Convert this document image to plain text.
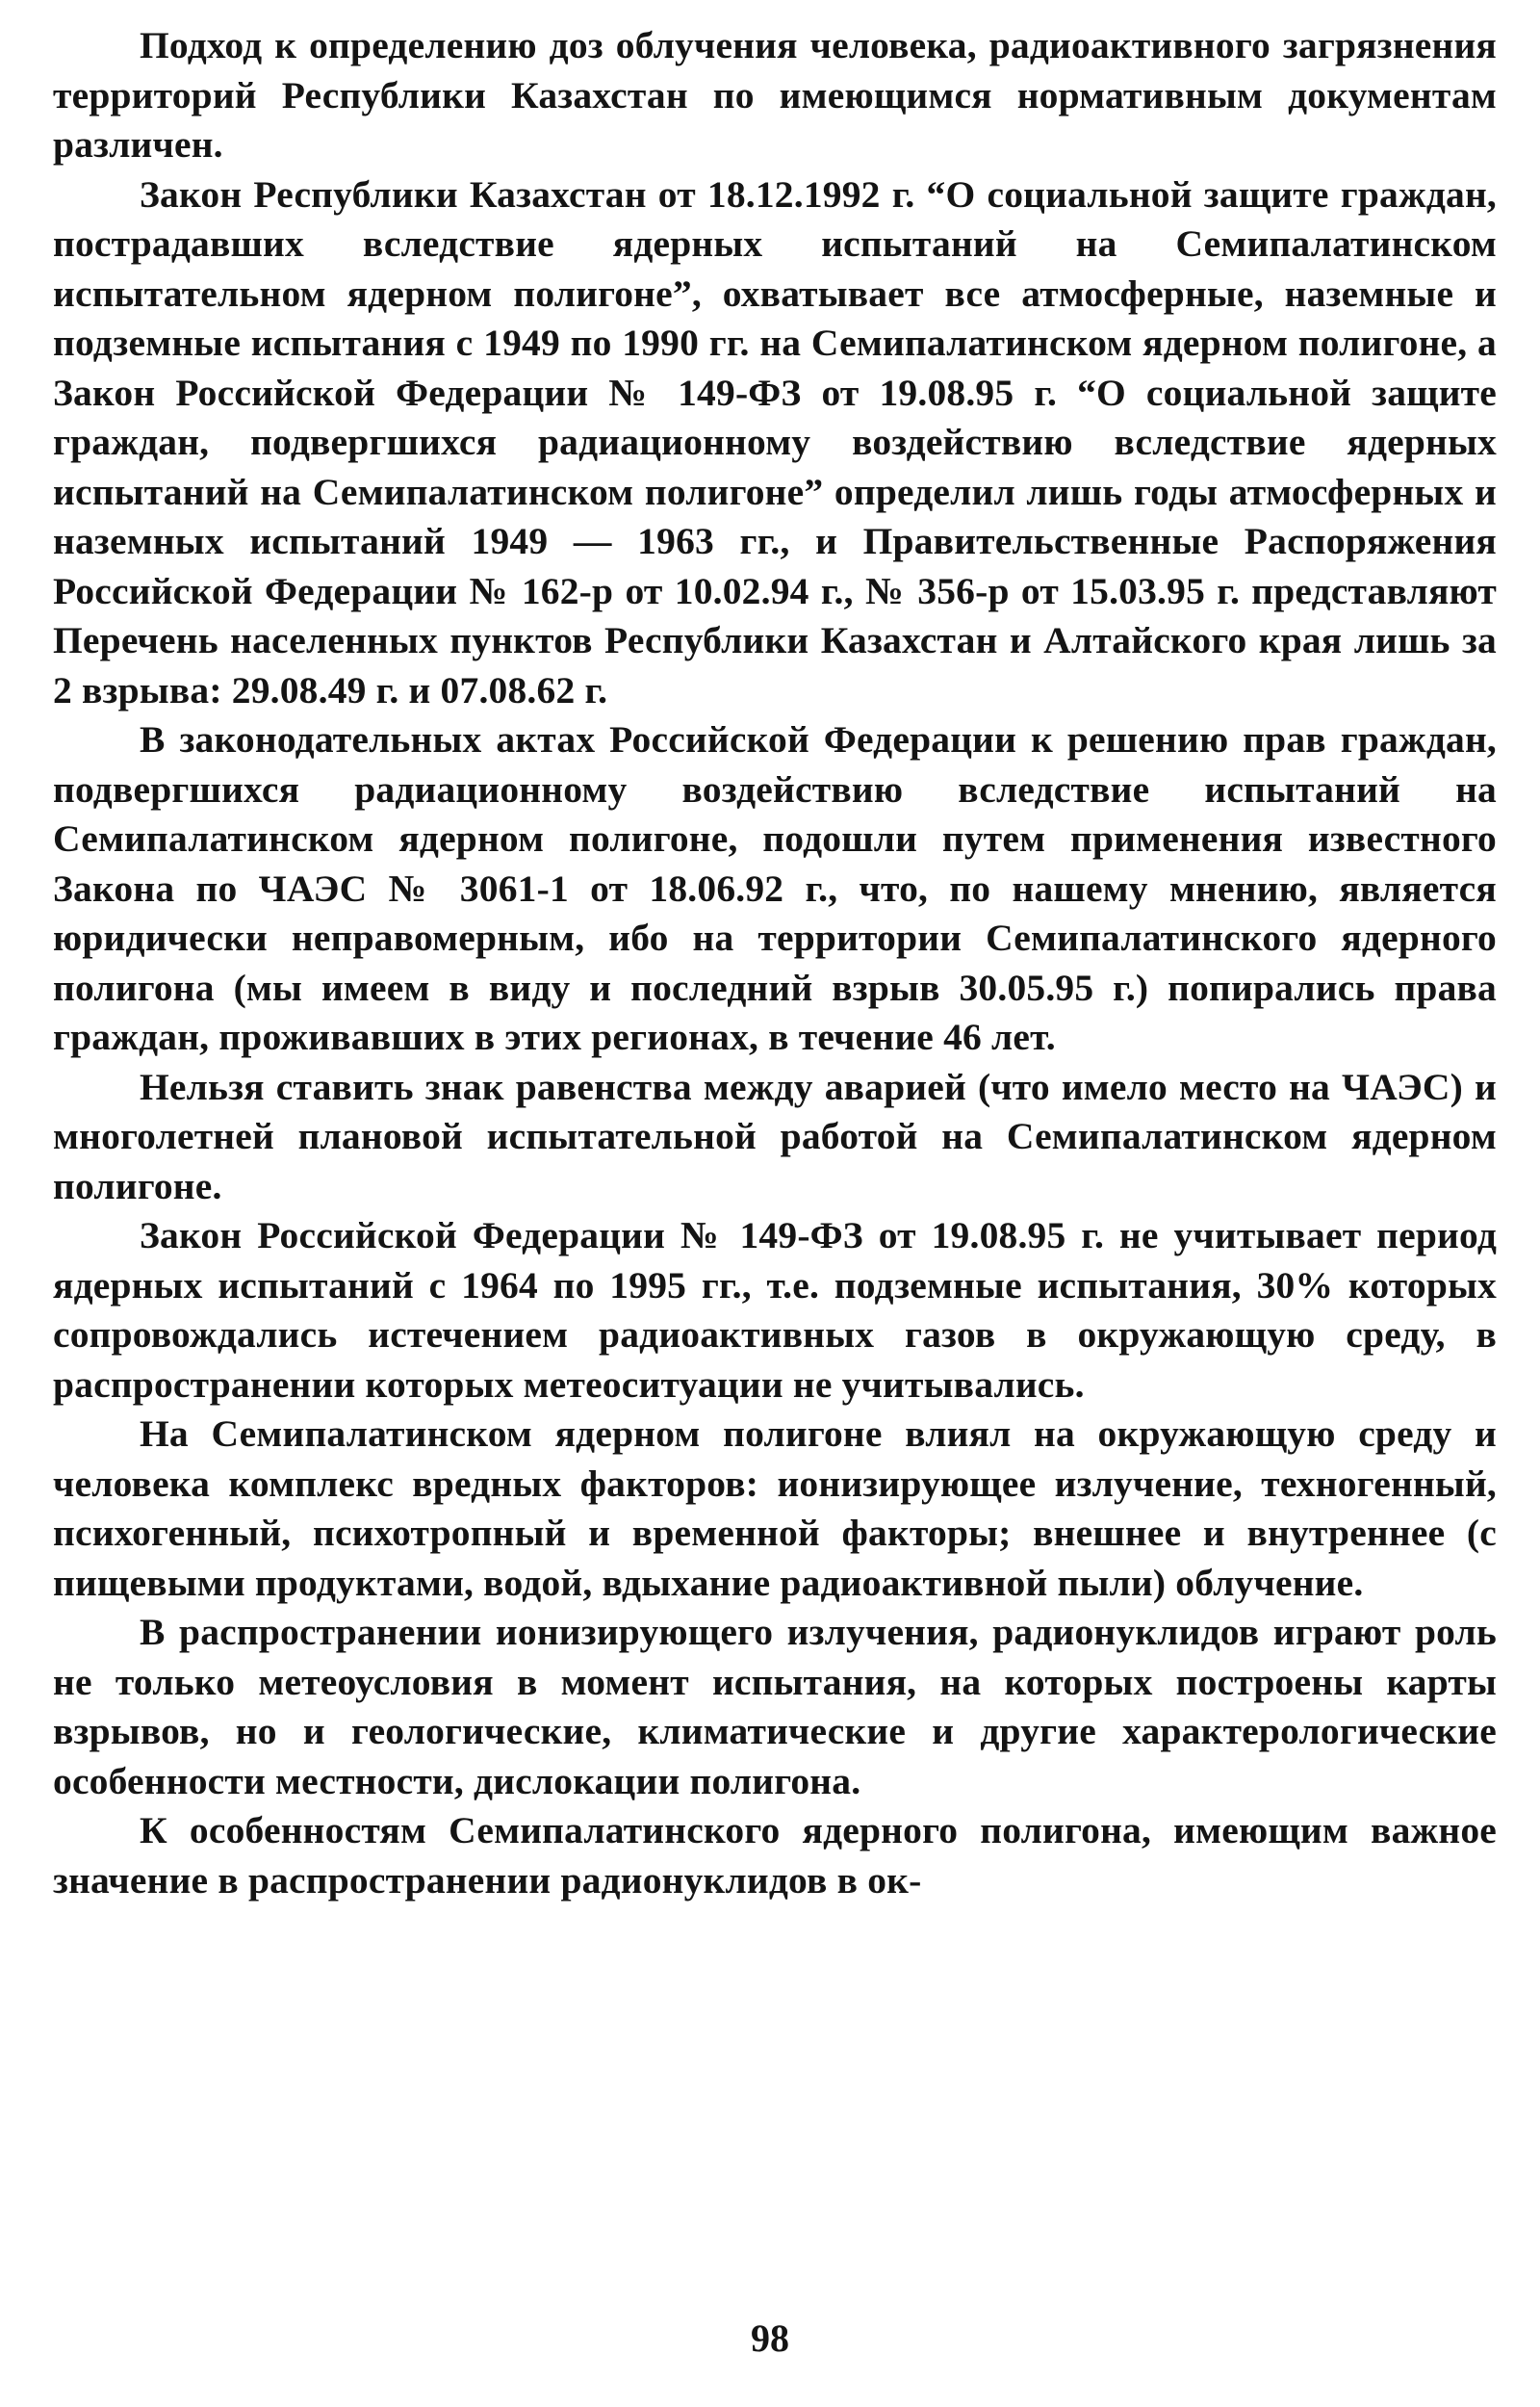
Подход к определению доз облучения человека, радиоактивного загрязнения территорий Республики Казахстан по имеющимся нормативным документам различен.

Закон Республики Казахстан от 18.12.1992 г. “О социальной защите граждан, пострадавших вследствие ядерных испытаний на Семипалатинском испытательном ядерном полигоне”, охватывает все атмосферные, наземные и подземные испытания с 1949 по 1990 гг. на Семипалатинском ядерном полигоне, а Закон Российской Федерации № 149-ФЗ от 19.08.95 г. “О социальной защите граждан, подвергшихся радиационному воздействию вследствие ядерных испытаний на Семипалатинском полигоне” определил лишь годы атмосферных и наземных испытаний 1949 — 1963 гг., и Правительственные Распоряжения Российской Федерации № 162-р от 10.02.94 г., № 356-р от 15.03.95 г. представляют Перечень населенных пунктов Республики Казахстан и Алтайского края лишь за 2 взрыва: 29.08.49 г. и 07.08.62 г.

В законодательных актах Российской Федерации к решению прав граждан, подвергшихся радиационному воздействию вследствие испытаний на Семипалатинском ядерном полигоне, подошли путем применения известного Закона по ЧАЭС № 3061-1 от 18.06.92 г., что, по нашему мнению, является юридически неправомерным, ибо на территории Семипалатинского ядерного полигона (мы имеем в виду и последний взрыв 30.05.95 г.) попирались права граждан, проживавших в этих регионах, в течение 46 лет.

Нельзя ставить знак равенства между аварией (что имело место на ЧАЭС) и многолетней плановой испытательной работой на Семипалатинском ядерном полигоне.

Закон Российской Федерации № 149-ФЗ от 19.08.95 г. не учитывает период ядерных испытаний с 1964 по 1995 гг., т.е. подземные испытания, 30% которых сопровождались истечением радиоактивных газов в окружающую среду, в распространении которых метеоситуации не учитывались.

На Семипалатинском ядерном полигоне влиял на окружающую среду и человека комплекс вредных факторов: ионизирующее излучение, техногенный, психогенный, психотропный и временной факторы; внешнее и внутреннее (с пищевыми продуктами, водой, вдыхание радиоактивной пыли) облучение.

В распространении ионизирующего излучения, радионуклидов играют роль не только метеоусловия в момент испытания, на которых построены карты взрывов, но и геологические, климатические и другие характерологические особенности местности, дислокации полигона.

К особенностям Семипалатинского ядерного полигона, имеющим важное значение в распространении радионуклидов в ок-

98
